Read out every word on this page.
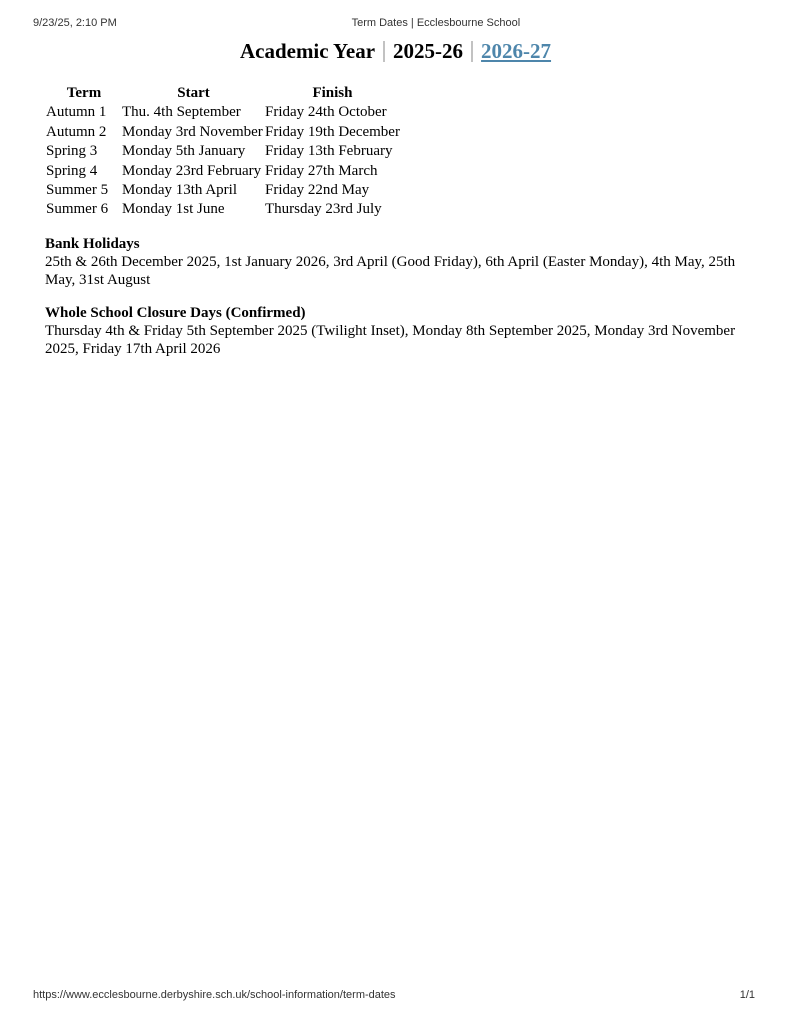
9/23/25, 2:10 PM	Term Dates | Ecclesbourne School
Academic Year 2025-26 2026-27
Term	Start	Finish
Autumn 1	Thu. 4th September	Friday 24th October
Autumn 2	Monday 3rd November	Friday 19th December
Spring 3	Monday 5th January	Friday 13th February
Spring 4	Monday 23rd February	Friday 27th March
Summer 5	Monday 13th April	Friday 22nd May
Summer 6	Monday 1st June	Thursday 23rd July
Bank Holidays
25th & 26th December 2025, 1st January 2026, 3rd April (Good Friday), 6th April (Easter Monday), 4th May, 25th May, 31st August
Whole School Closure Days (Confirmed)
Thursday 4th & Friday 5th September 2025 (Twilight Inset), Monday 8th September 2025, Monday 3rd November 2025, Friday 17th April 2026
https://www.ecclesbourne.derbyshire.sch.uk/school-information/term-dates	1/1
